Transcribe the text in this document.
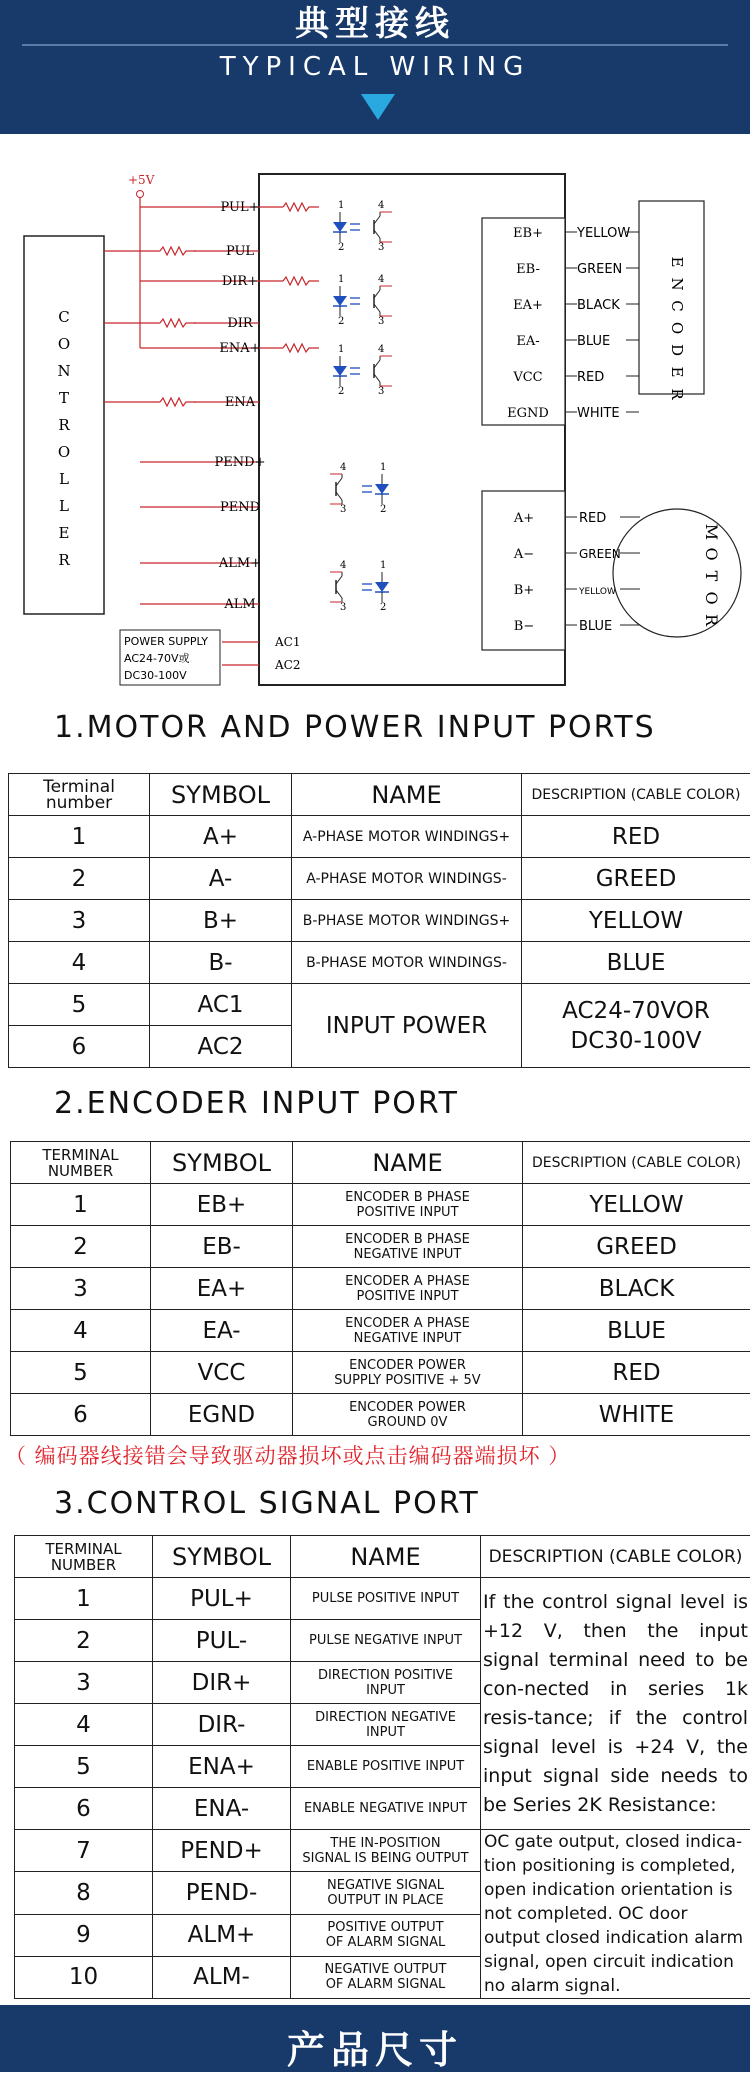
典型接线
TYPICAL WIRING
C
O
N
T
R
O
L
L
E
R
+5V
PUL+
PUL
DIR+
DIR
ENA+
ENA
PEND+
PEND
ALM+
ALM
1
2	3
4
1
2	3
4
1
2	3
4
1
2
3
4
1
2
3
4
POWER SUPPLY
AC24-70V或
DC30-100V
AC1
AC2
EB+	YELLOW
EB-	GREEN
EA+	BLACK
EA-	BLUE
VCC	RED
EGND WHITE
E
N
C
O
D
E
R
A+	RED
A−	GREEN
B+	YELLOW
B−	BLUE
M
O
T
O
R
1.MOTOR AND POWER INPUT PORTS
Terminal number	SYMBOL	NAME	DESCRIPTION (CABLE COLOR)
1	A+	A-PHASE MOTOR WINDINGS+	RED
2	A-	A-PHASE MOTOR WINDINGS-	GREED
3	B+	B-PHASE MOTOR WINDINGS+	YELLOW
4	B-	B-PHASE MOTOR WINDINGS-	BLUE
5	AC1	INPUT POWER	AC24-70VOR
DC30-100V

6	AC2		
2.ENCODER INPUT PORT
TERMINAL NUMBER	SYMBOL	NAME	DESCRIPTION (CABLE COLOR)
1	EB+	ENCODER B PHASE
POSITIVE INPUT	YELLOW
2	EB-	ENCODER B PHASE
NEGATIVE INPUT	GREED
3	EA+	ENCODER A PHASE
POSITIVE INPUT	BLACK
4	EA-	ENCODER A PHASE
NEGATIVE INPUT	BLUE
5	VCC	ENCODER POWER
SUPPLY POSITIVE + 5V	RED
6	EGND	ENCODER POWER
GROUND 0V	WHITE
（ 编码器线接错会导致驱动器损坏或点击编码器端损坏 ）
3.CONTROL SIGNAL PORT
TERMINAL NUMBER	SYMBOL	NAME	DESCRIPTION (CABLE COLOR)
1	PUL+	PULSE POSITIVE INPUT	If the control signal level is +12 V, then the input signal terminal need to be con-nected in series 1k resis-tance; if the control signal level is +24 V, the input signal side needs to be Series 2K Resistance:
2	PUL-	PULSE NEGATIVE INPUT	

3	DIR+	DIRECTION POSITIVE
INPUT	

4	DIR-	DIRECTION NEGATIVE
INPUT	

5	ENA+	ENABLE POSITIVE INPUT	

6	ENA-	ENABLE NEGATIVE INPUT	

7	PEND+	THE IN-POSITION
SIGNAL IS BEING OUTPUT	OC gate output, closed indica-tion positioning is completed, open indication orientation is not completed. OC door output closed indication alarm signal, open circuit indication no alarm signal.
8	PEND-	NEGATIVE SIGNAL
OUTPUT IN PLACE	

9	ALM+	POSITIVE OUTPUT
OF ALARM SIGNAL	

10	ALM-	NEGATIVE OUTPUT
OF ALARM SIGNAL	
产品尺寸
